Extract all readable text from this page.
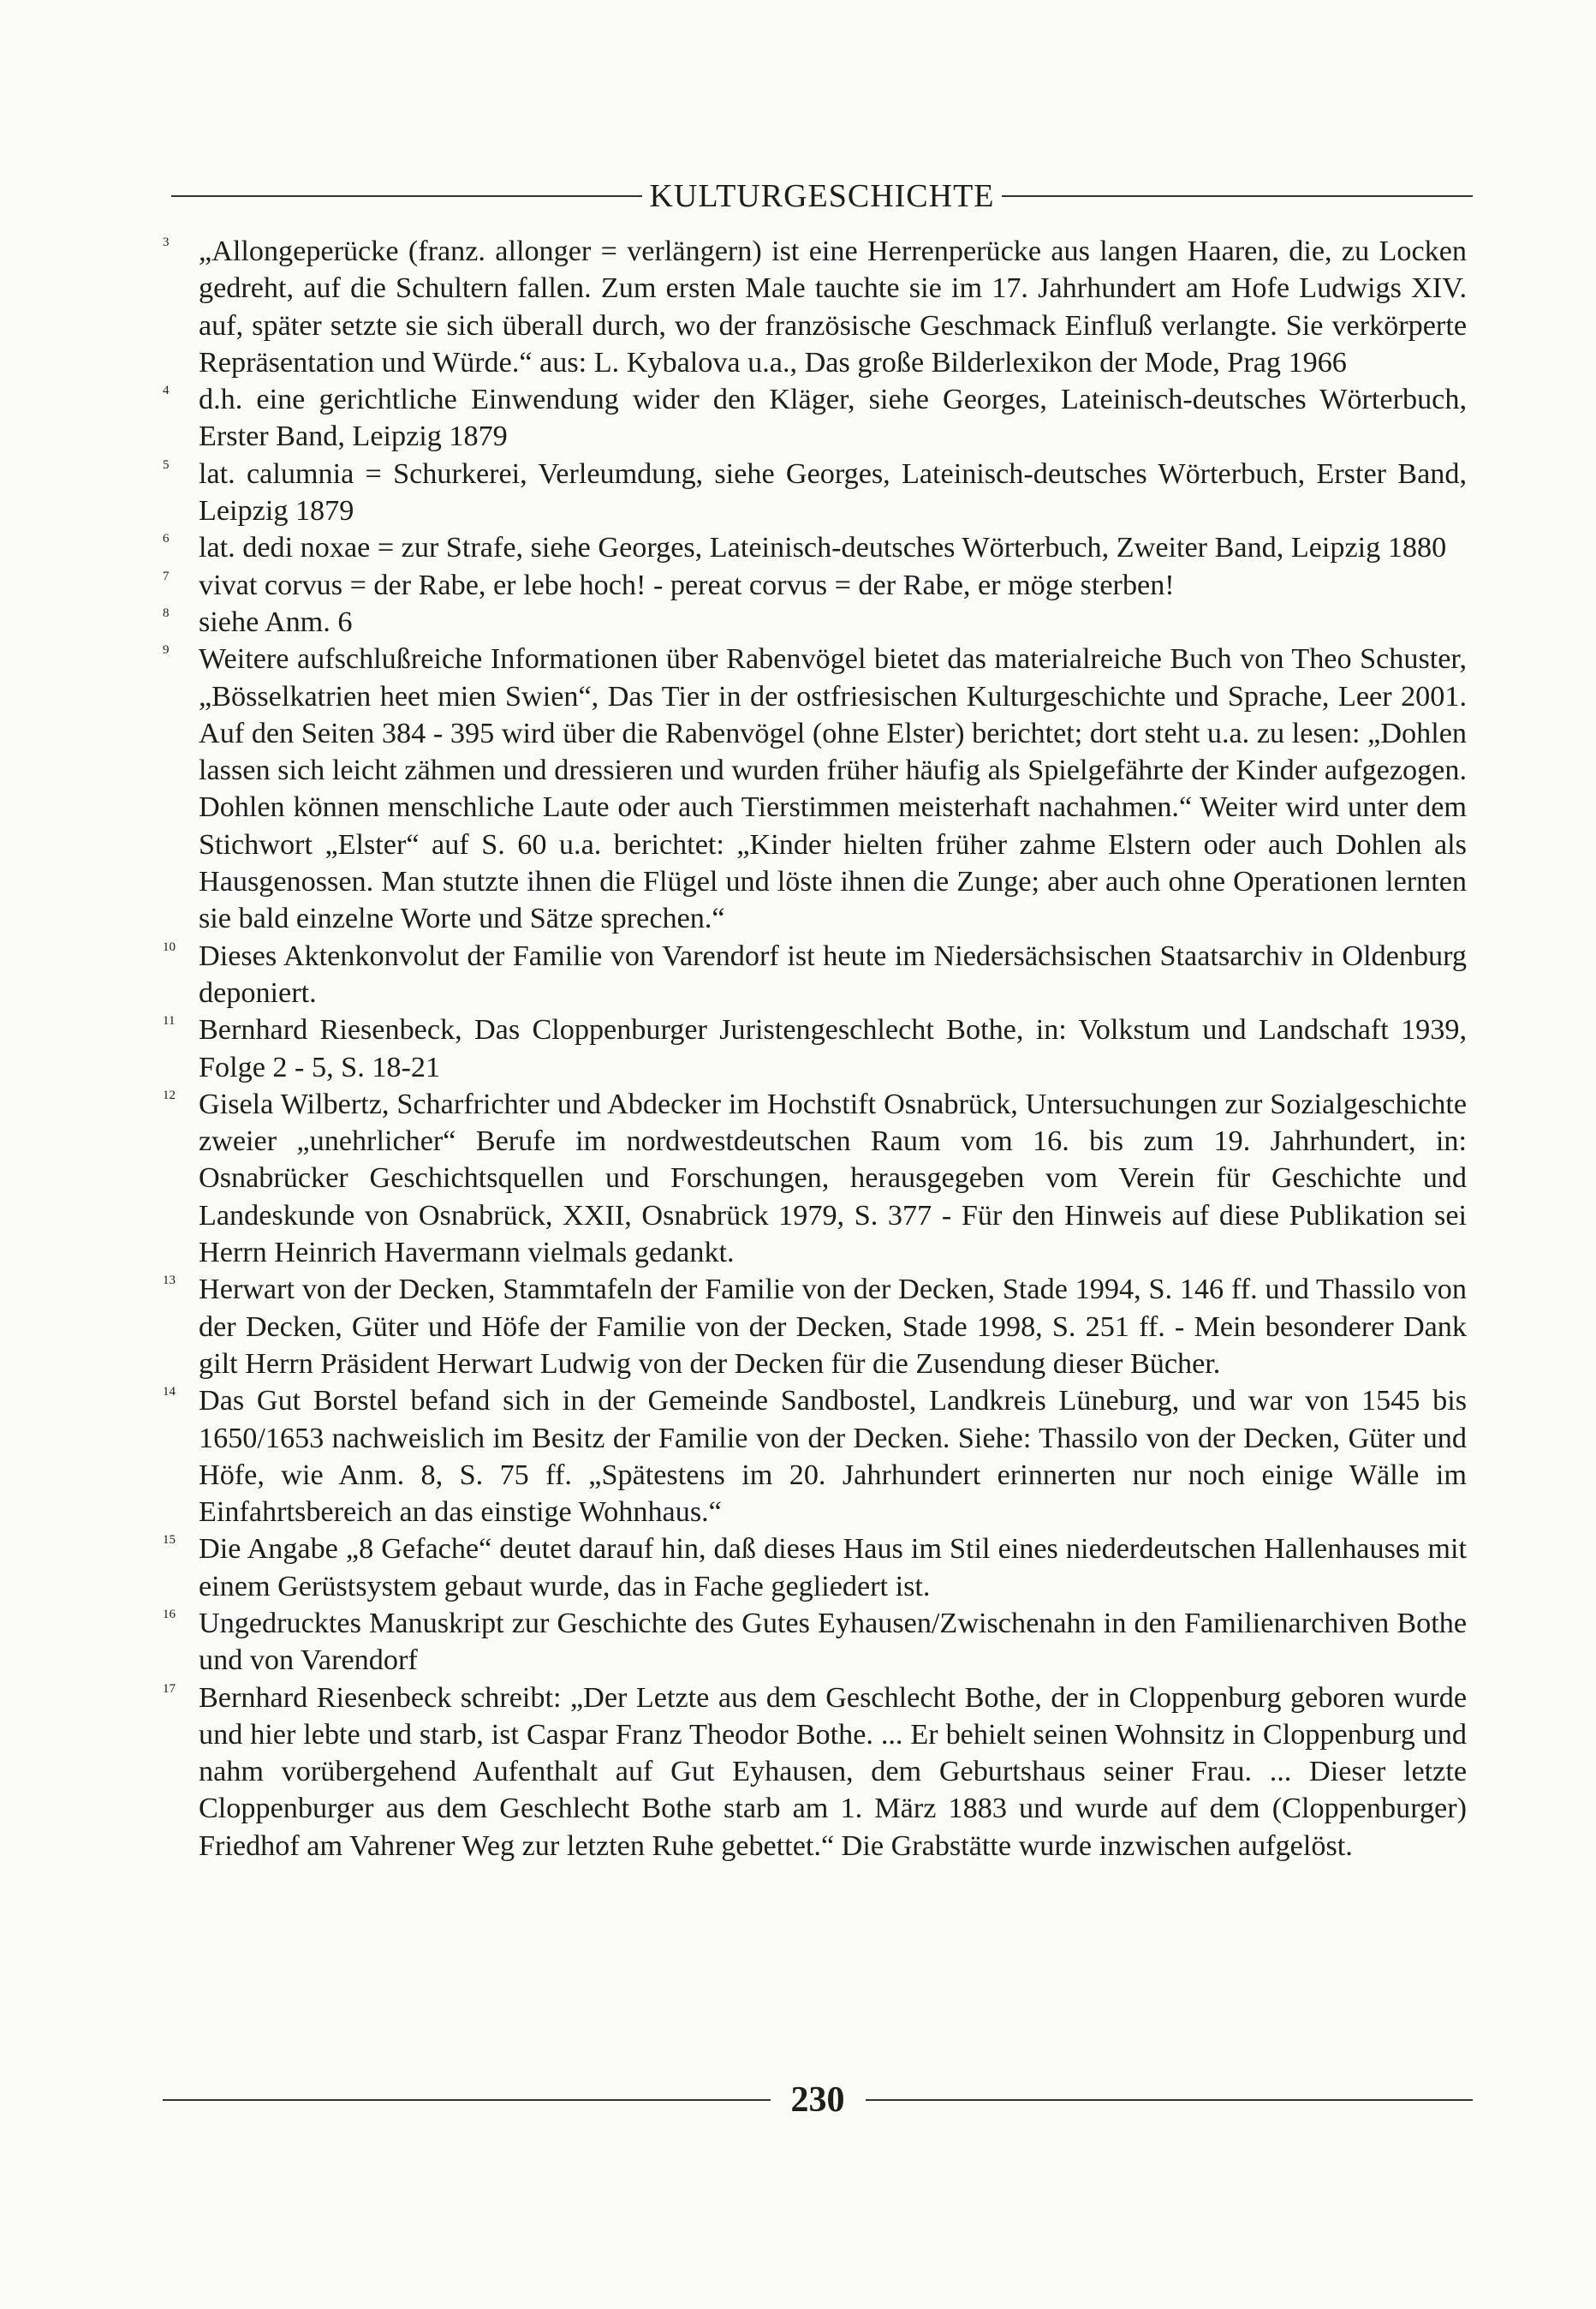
KULTURGESCHICHTE

3	„Allongeperücke (franz. allonger = verlängern) ist eine Herrenperücke aus langen Haaren, die, zu Locken gedreht, auf die Schultern fallen. Zum ersten Male tauchte sie im 17. Jahrhundert am Hofe Ludwigs XIV. auf, später setzte sie sich überall durch, wo der französische Geschmack Einfluß verlangte. Sie verkörperte Repräsentation und Würde.“ aus: L. Kybalova u.a., Das große Bilderlexikon der Mode, Prag 1966

4	d.h. eine gerichtliche Einwendung wider den Kläger, siehe Georges, Lateinisch-deutsches Wörterbuch, Erster Band, Leipzig 1879

5	lat. calumnia = Schurkerei, Verleumdung, siehe Georges, Lateinisch-deutsches Wörterbuch, Erster Band, Leipzig 1879

6	lat. dedi noxae = zur Strafe, siehe Georges, Lateinisch-deutsches Wörterbuch, Zweiter Band, Leipzig 1880

7	vivat corvus = der Rabe, er lebe hoch! - pereat corvus = der Rabe, er möge sterben!

8	siehe Anm. 6

9	Weitere aufschlußreiche Informationen über Rabenvögel bietet das materialreiche Buch von Theo Schuster, „Bösselkatrien heet mien Swien“, Das Tier in der ostfriesischen Kulturgeschichte und Sprache, Leer 2001. Auf den Seiten 384 - 395 wird über die Rabenvögel (ohne Elster) berichtet; dort steht u.a. zu lesen: „Dohlen lassen sich leicht zähmen und dressieren und wurden früher häufig als Spielgefährte der Kinder aufgezogen. Dohlen können menschliche Laute oder auch Tierstimmen meisterhaft nachahmen.“ Weiter wird unter dem Stichwort „Elster“ auf S. 60 u.a. berichtet: „Kinder hielten früher zahme Elstern oder auch Dohlen als Hausgenossen. Man stutzte ihnen die Flügel und löste ihnen die Zunge; aber auch ohne Operationen lernten sie bald einzelne Worte und Sätze sprechen.“

10 Dieses Aktenkonvolut der Familie von Varendorf ist heute im Niedersächsischen Staatsarchiv in Oldenburg deponiert.

11 Bernhard Riesenbeck, Das Cloppenburger Juristengeschlecht Bothe, in: Volkstum und Landschaft 1939, Folge 2 - 5, S. 18-21

12 Gisela Wilbertz, Scharfrichter und Abdecker im Hochstift Osnabrück, Untersuchungen zur Sozialgeschichte zweier „unehrlicher“ Berufe im nordwestdeutschen Raum vom 16. bis zum 19. Jahrhundert, in: Osnabrücker Geschichtsquellen und Forschungen, herausgegeben vom Verein für Geschichte und Landeskunde von Osnabrück, XXII, Osnabrück 1979, S. 377 - Für den Hinweis auf diese Publikation sei Herrn Heinrich Havermann vielmals gedankt.

13 Herwart von der Decken, Stammtafeln der Familie von der Decken, Stade 1994, S. 146 ff. und Thassilo von der Decken, Güter und Höfe der Familie von der Decken, Stade 1998, S. 251 ff. - Mein besonderer Dank gilt Herrn Präsident Herwart Ludwig von der Decken für die Zusendung dieser Bücher.

14 Das Gut Borstel befand sich in der Gemeinde Sandbostel, Landkreis Lüneburg, und war von 1545 bis 1650/1653 nachweislich im Besitz der Familie von der Decken. Siehe: Thassilo von der Decken, Güter und Höfe, wie Anm. 8, S. 75 ff. „Spätestens im 20. Jahrhundert erinnerten nur noch einige Wälle im Einfahrtsbereich an das einstige Wohnhaus.“

15 Die Angabe „8 Gefache“ deutet darauf hin, daß dieses Haus im Stil eines niederdeutschen Hallenhauses mit einem Gerüstsystem gebaut wurde, das in Fache gegliedert ist.

16 Ungedrucktes Manuskript zur Geschichte des Gutes Eyhausen/Zwischenahn in den Familienarchiven Bothe und von Varendorf

17 Bernhard Riesenbeck schreibt: „Der Letzte aus dem Geschlecht Bothe, der in Cloppenburg geboren wurde und hier lebte und starb, ist Caspar Franz Theodor Bothe. ... Er behielt seinen Wohnsitz in Cloppenburg und nahm vorübergehend Aufenthalt auf Gut Eyhausen, dem Geburtshaus seiner Frau. ... Dieser letzte Cloppenburger aus dem Geschlecht Bothe starb am 1. März 1883 und wurde auf dem (Cloppenburger) Friedhof am Vahrener Weg zur letzten Ruhe gebettet.“ Die Grabstätte wurde inzwischen aufgelöst.

230
